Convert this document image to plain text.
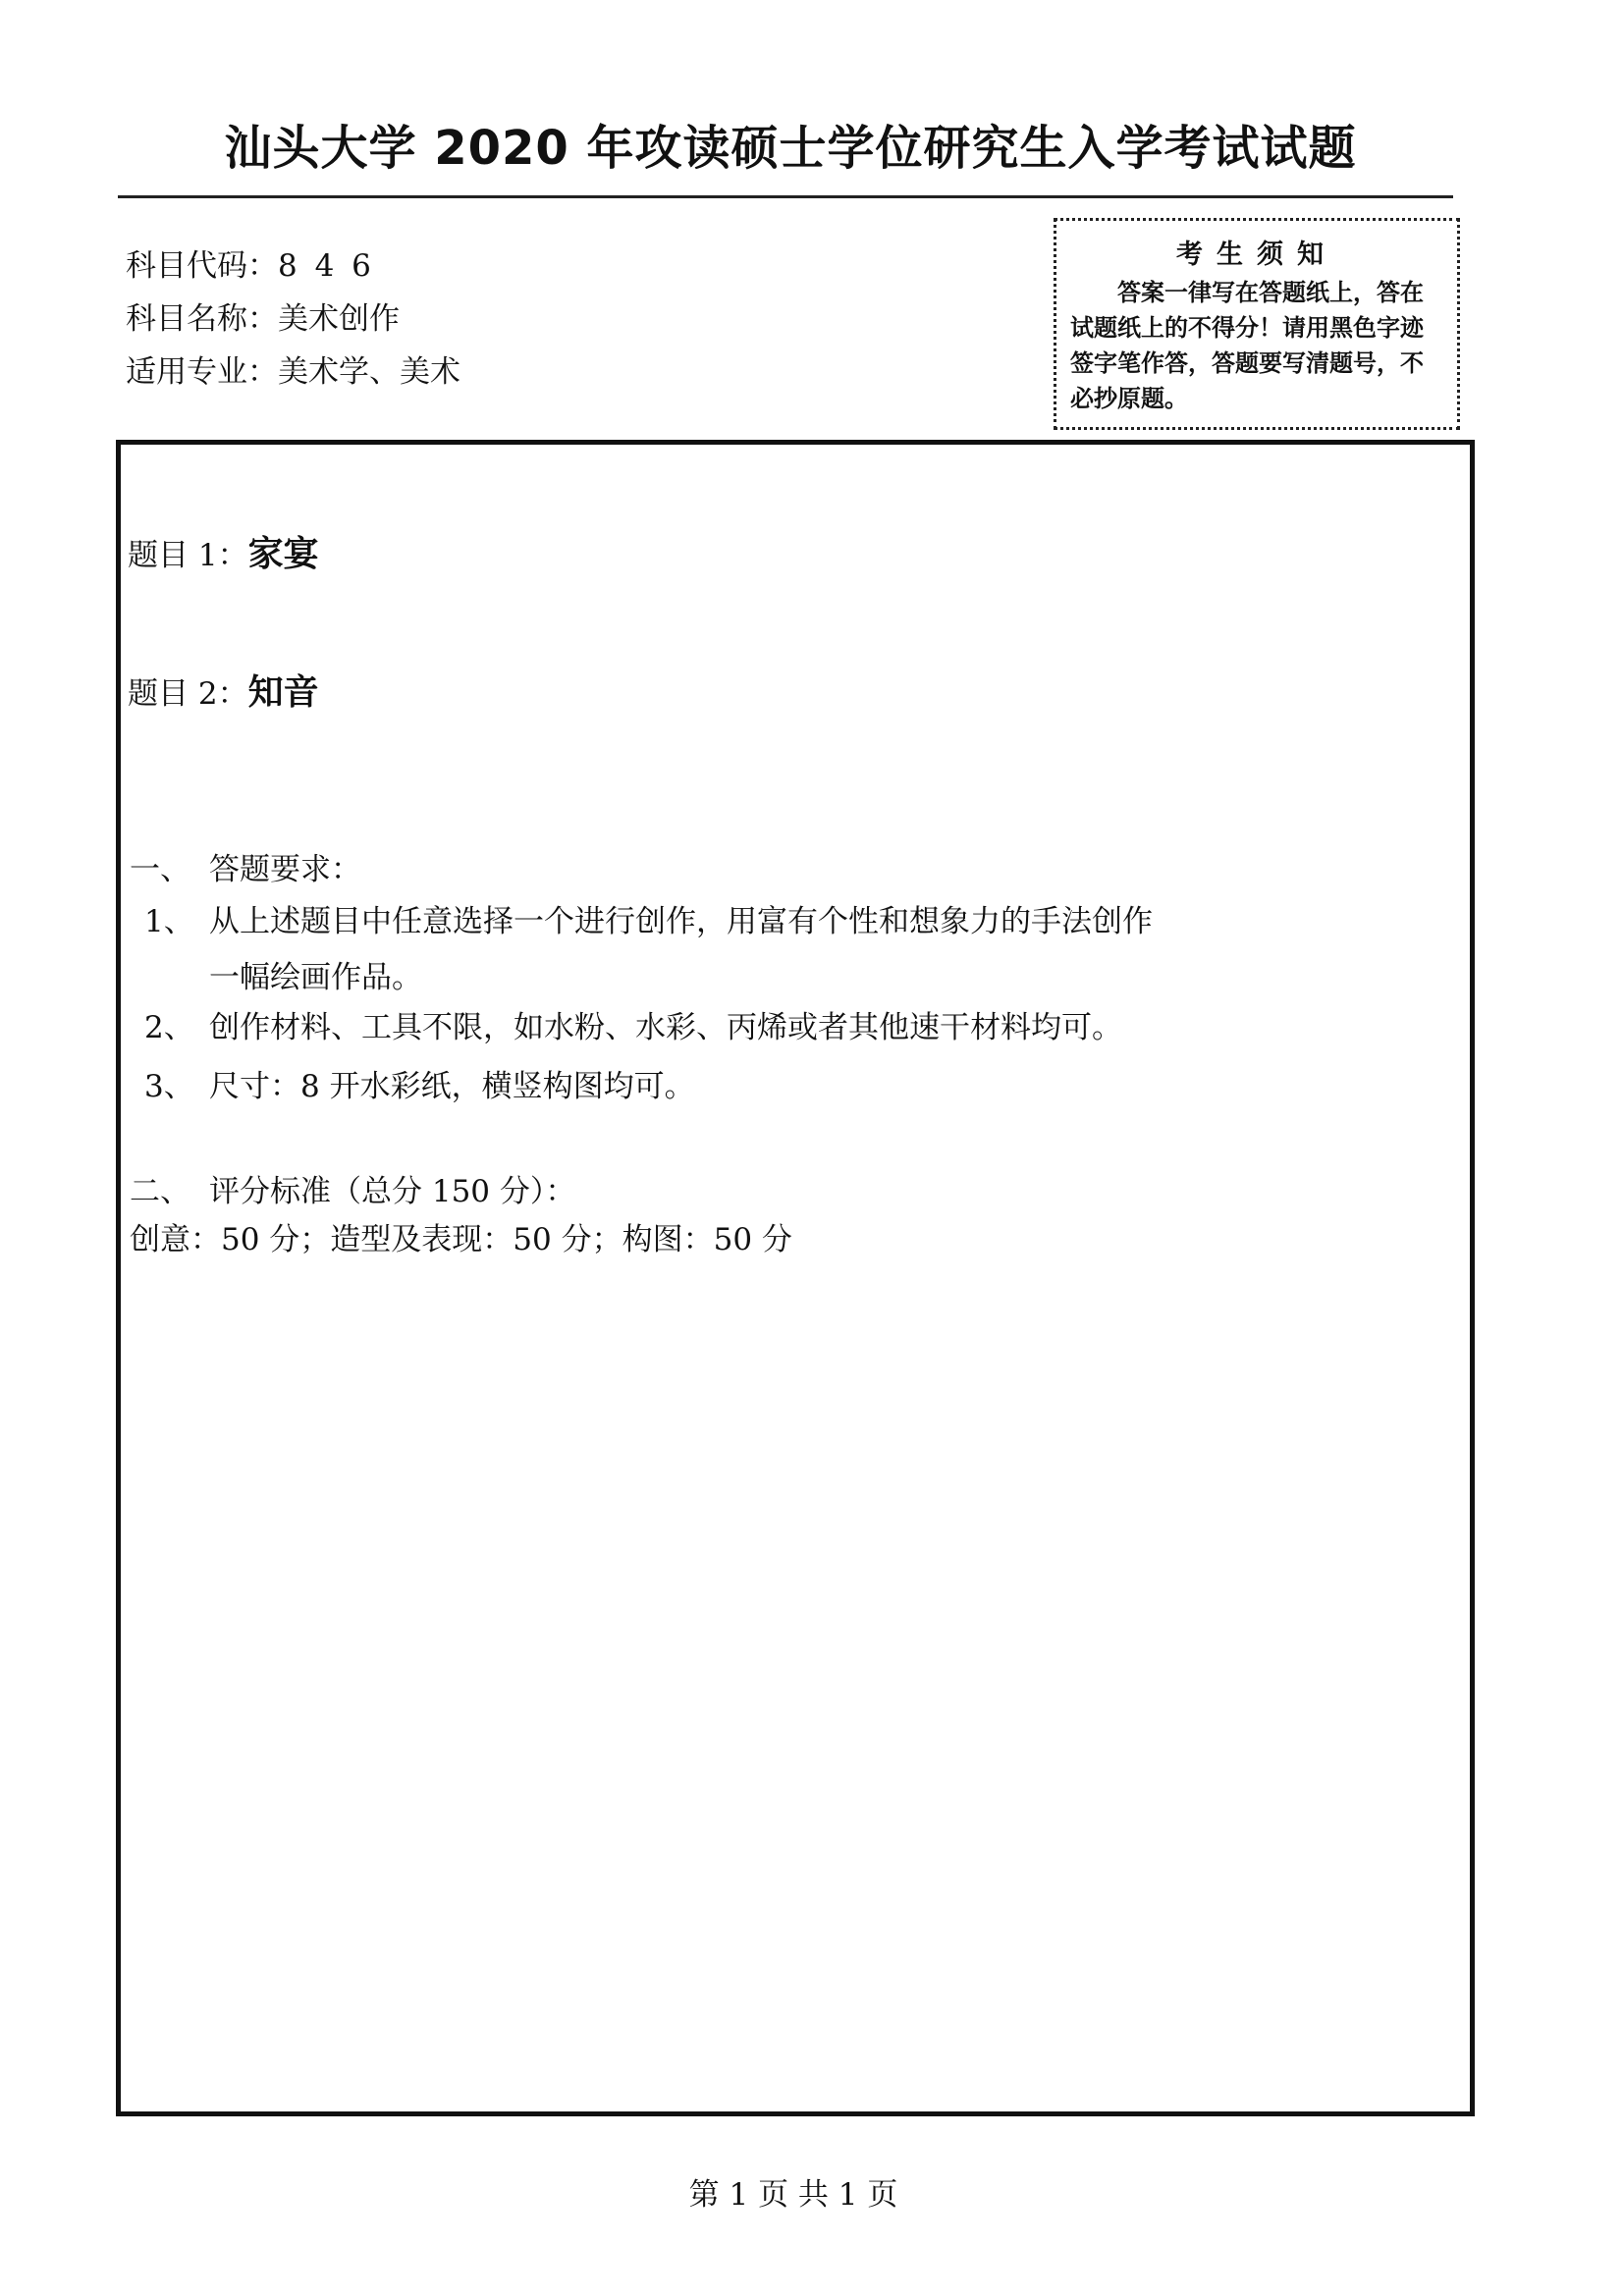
汕头大学 2020 年攻读硕士学位研究生入学考试试题
科目代码：8 4 6
科目名称：美术创作
适用专业：美术学、美术
考生须知

答案一律写在答题纸上，答在试题纸上的不得分！请用黑色字迹签字笔作答，答题要写清题号，不必抄原题。

题目 1：家宴
题目 2：知音
一、 答题要求：
1、 从上述题目中任意选择一个进行创作，用富有个性和想象力的手法创作
一幅绘画作品。
2、 创作材料、工具不限，如水粉、水彩、丙烯或者其他速干材料均可。
3、 尺寸：8 开水彩纸，横竖构图均可。
二、 评分标准（总分 150 分）：
创意：50 分；造型及表现：50 分；构图：50 分
第 1 页 共 1 页
